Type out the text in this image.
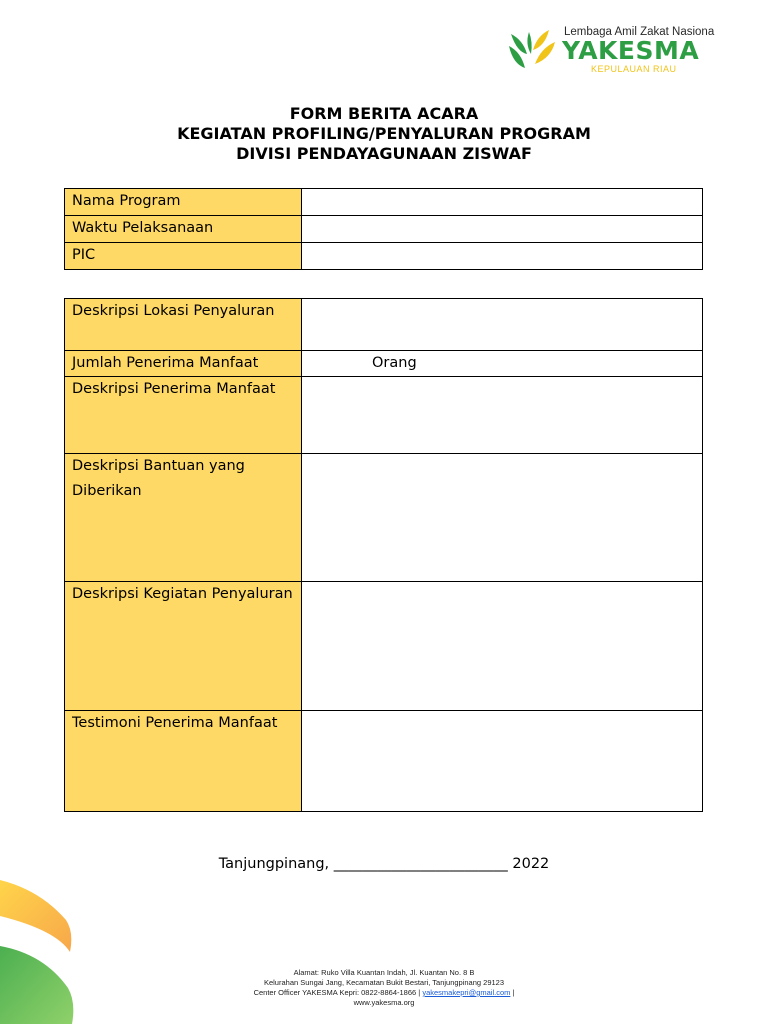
Lembaga Amil Zakat Nasiona
YAKESMA
KEPULAUAN RIAU
FORM BERITA ACARA
KEGIATAN PROFILING/PENYALURAN PROGRAM
DIVISI PENDAYAGUNAAN ZISWAF
Nama Program	
Waktu Pelaksanaan	
PIC	
Deskripsi Lokasi Penyaluran	
Jumlah Penerima Manfaat	Orang

Deskripsi Penerima Manfaat	
Deskripsi Bantuan yang Diberikan	
Deskripsi Kegiatan Penyaluran	
Testimoni Penerima Manfaat	
Tanjungpinang, ________________________ 2022
Alamat: Ruko Villa Kuantan Indah, Jl. Kuantan No. 8 B
Kelurahan Sungai Jang, Kecamatan Bukit Bestari, Tanjungpinang 29123
Center Officer YAKESMA Kepri: 0822-8864-1866 | yakesmakepri@gmail.com |
www.yakesma.org
